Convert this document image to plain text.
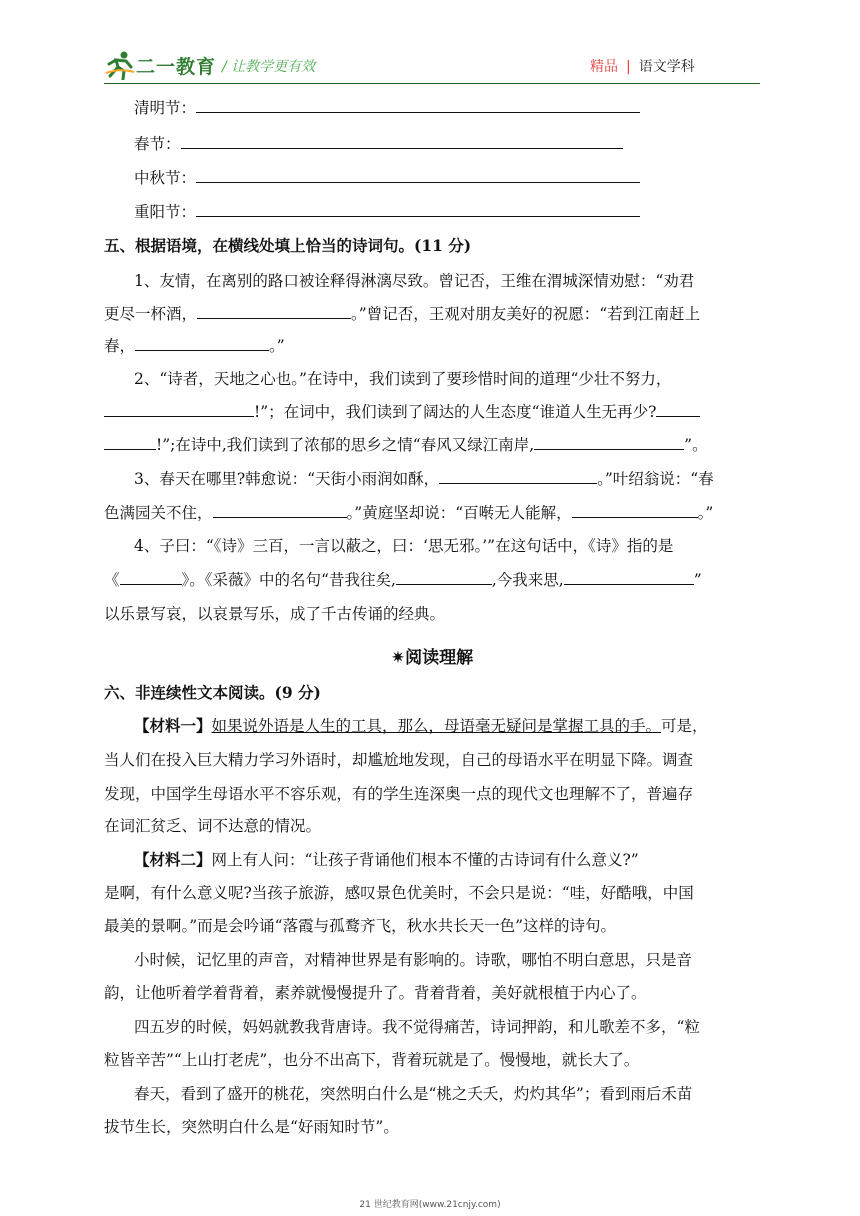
二一教育 / 让教学更有效	精品 | 语文学科
清明节：
春节：
中秋节：
重阳节：
五、根据语境，在横线处填上恰当的诗词句。(11 分)
1、友情，在离别的路口被诠释得淋漓尽致。曾记否，王维在渭城深情劝慰：“劝君
更尽一杯酒，	。”曾记否，王观对朋友美好的祝愿：“若到江南赶上
春，	。”
2、“诗者，天地之心也。”在诗中，我们读到了要珍惜时间的道理“少壮不努力，
!”；在词中，我们读到了阔达的人生态度“谁道人生无再少?
!”;在诗中,我们读到了浓郁的思乡之情“春风又绿江南岸,	”。
3、春天在哪里?韩愈说：“天街小雨润如酥，	。”叶绍翁说：“春
色满园关不住，	。”黄庭坚却说：“百啭无人能解，	。”
4、子曰：“《诗》三百，一言以蔽之，曰：‘思无邪。’”在这句话中，《诗》指的是
《	》。《采薇》中的名句“昔我往矣,	,今我来思,	”
以乐景写哀，以哀景写乐，成了千古传诵的经典。
✷阅读理解
六、非连续性文本阅读。(9 分)
【材料一】如果说外语是人生的工具，那么，母语毫无疑问是掌握工具的手。可是，
当人们在投入巨大精力学习外语时，却尴尬地发现，自己的母语水平在明显下降。调查
发现，中国学生母语水平不容乐观，有的学生连深奥一点的现代文也理解不了，普遍存
在词汇贫乏、词不达意的情况。
【材料二】网上有人问：“让孩子背诵他们根本不懂的古诗词有什么意义?”
是啊，有什么意义呢?当孩子旅游，感叹景色优美时，不会只是说：“哇，好酷哦，中国
最美的景啊。”而是会吟诵“落霞与孤鹜齐飞，秋水共长天一色”这样的诗句。
小时候，记忆里的声音，对精神世界是有影响的。诗歌，哪怕不明白意思，只是音
韵，让他听着学着背着，素养就慢慢提升了。背着背着，美好就根植于内心了。
四五岁的时候，妈妈就教我背唐诗。我不觉得痛苦，诗词押韵，和儿歌差不多，“粒
粒皆辛苦”“上山打老虎”，也分不出高下，背着玩就是了。慢慢地，就长大了。
春天，看到了盛开的桃花，突然明白什么是“桃之夭夭，灼灼其华”；看到雨后禾苗
拔节生长，突然明白什么是“好雨知时节”。
21 世纪教育网(www.21cnjy.com)
